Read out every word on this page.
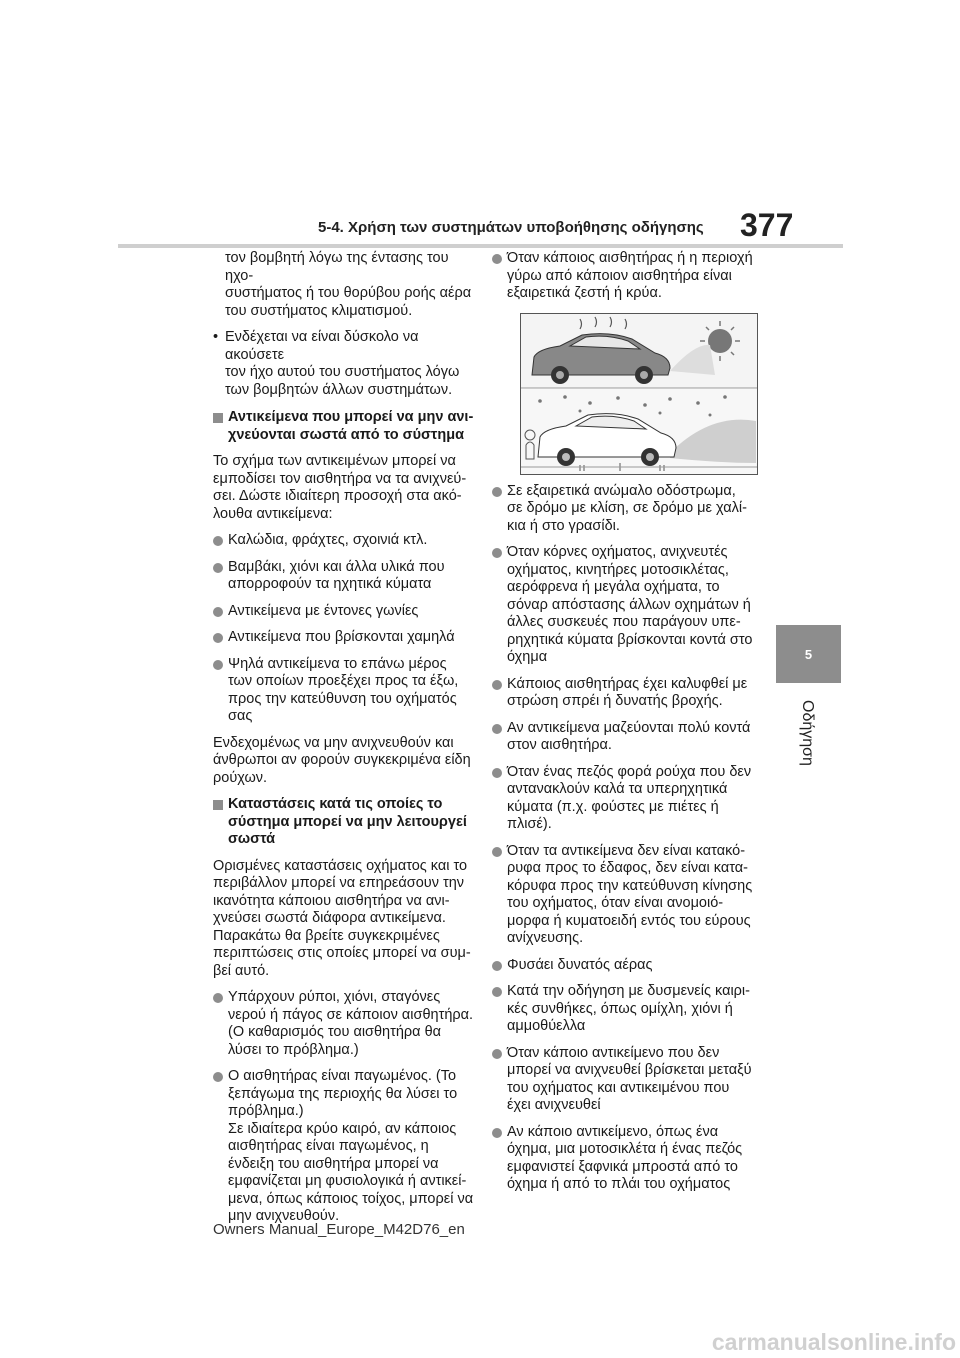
5-4. Χρήση των συστημάτων υποβοήθησης οδήγησης	377
5
Οδήγηση

τον βομβητή λόγω της έντασης του ηχο-
συστήματος ή του θορύβου ροής αέρα
του συστήματος κλιματισμού.

• Ενδέχεται να είναι δύσκολο να ακούσετε
τον ήχο αυτού του συστήματος λόγω
των βομβητών άλλων συστημάτων.
Αντικείμενα που μπορεί να μην ανι-
χνεύονται σωστά από το σύστημα

Το σχήμα των αντικειμένων μπορεί να
εμποδίσει τον αισθητήρα να τα ανιχνεύ-
σει. Δώστε ιδιαίτερη προσοχή στα ακό-
λουθα αντικείμενα:

Καλώδια, φράχτες, σχοινιά κτλ.
Βαμβάκι, χιόνι και άλλα υλικά που
απορροφούν τα ηχητικά κύματα
Αντικείμενα με έντονες γωνίες
Αντικείμενα που βρίσκονται χαμηλά
Ψηλά αντικείμενα το επάνω μέρος
των οποίων προεξέχει προς τα έξω,
προς την κατεύθυνση του οχήματός
σας

Ενδεχομένως να μην ανιχνευθούν και
άνθρωποι αν φορούν συγκεκριμένα είδη
ρούχων.

Καταστάσεις κατά τις οποίες το
σύστημα μπορεί να μην λειτουργεί
σωστά

Ορισμένες καταστάσεις οχήματος και το
περιβάλλον μπορεί να επηρεάσουν την
ικανότητα κάποιου αισθητήρα να ανι-
χνεύσει σωστά διάφορα αντικείμενα.
Παρακάτω θα βρείτε συγκεκριμένες
περιπτώσεις στις οποίες μπορεί να συμ-
βεί αυτό.

Υπάρχουν ρύποι, χιόνι, σταγόνες
νερού ή πάγος σε κάποιον αισθητήρα.
(Ο καθαρισμός του αισθητήρα θα
λύσει το πρόβλημα.)
Ο αισθητήρας είναι παγωμένος. (Το
ξεπάγωμα της περιοχής θα λύσει το
πρόβλημα.)
Σε ιδιαίτερα κρύο καιρό, αν κάποιος
αισθητήρας είναι παγωμένος, η
ένδειξη του αισθητήρα μπορεί να
εμφανίζεται μη φυσιολογικά ή αντικεί-
μενα, όπως κάποιος τοίχος, μπορεί να
μην ανιχνευθούν.
Όταν κάποιος αισθητήρας ή η περιοχή
γύρω από κάποιον αισθητήρα είναι
εξαιρετικά ζεστή ή κρύα.
Σε εξαιρετικά ανώμαλο οδόστρωμα,
σε δρόμο με κλίση, σε δρόμο με χαλί-
κια ή στο γρασίδι.
Όταν κόρνες οχήματος, ανιχνευτές
οχήματος, κινητήρες μοτοσικλέτας,
αερόφρενα ή μεγάλα οχήματα, το
σόναρ απόστασης άλλων οχημάτων ή
άλλες συσκευές που παράγουν υπε-
ρηχητικά κύματα βρίσκονται κοντά στο
όχημα
Κάποιος αισθητήρας έχει καλυφθεί με
στρώση σπρέι ή δυνατής βροχής.
Αν αντικείμενα μαζεύονται πολύ κοντά
στον αισθητήρα.
Όταν ένας πεζός φορά ρούχα που δεν
αντανακλούν καλά τα υπερηχητικά
κύματα (π.χ. φούστες με πιέτες ή
πλισέ).
Όταν τα αντικείμενα δεν είναι κατακό-
ρυφα προς το έδαφος, δεν είναι κατα-
κόρυφα προς την κατεύθυνση κίνησης
του οχήματος, όταν είναι ανομοιό-
μορφα ή κυματοειδή εντός του εύρους
ανίχνευσης.
Φυσάει δυνατός αέρας
Κατά την οδήγηση με δυσμενείς καιρι-
κές συνθήκες, όπως ομίχλη, χιόνι ή
αμμοθύελλα
Όταν κάποιο αντικείμενο που δεν
μπορεί να ανιχνευθεί βρίσκεται μεταξύ
του οχήματος και αντικειμένου που
έχει ανιχνευθεί
Αν κάποιο αντικείμενο, όπως ένα
όχημα, μια μοτοσικλέτα ή ένας πεζός
εμφανιστεί ξαφνικά μπροστά από το
όχημα ή από το πλάι του οχήματος
Owners Manual_Europe_M42D76_en
carmanualsonline.info
